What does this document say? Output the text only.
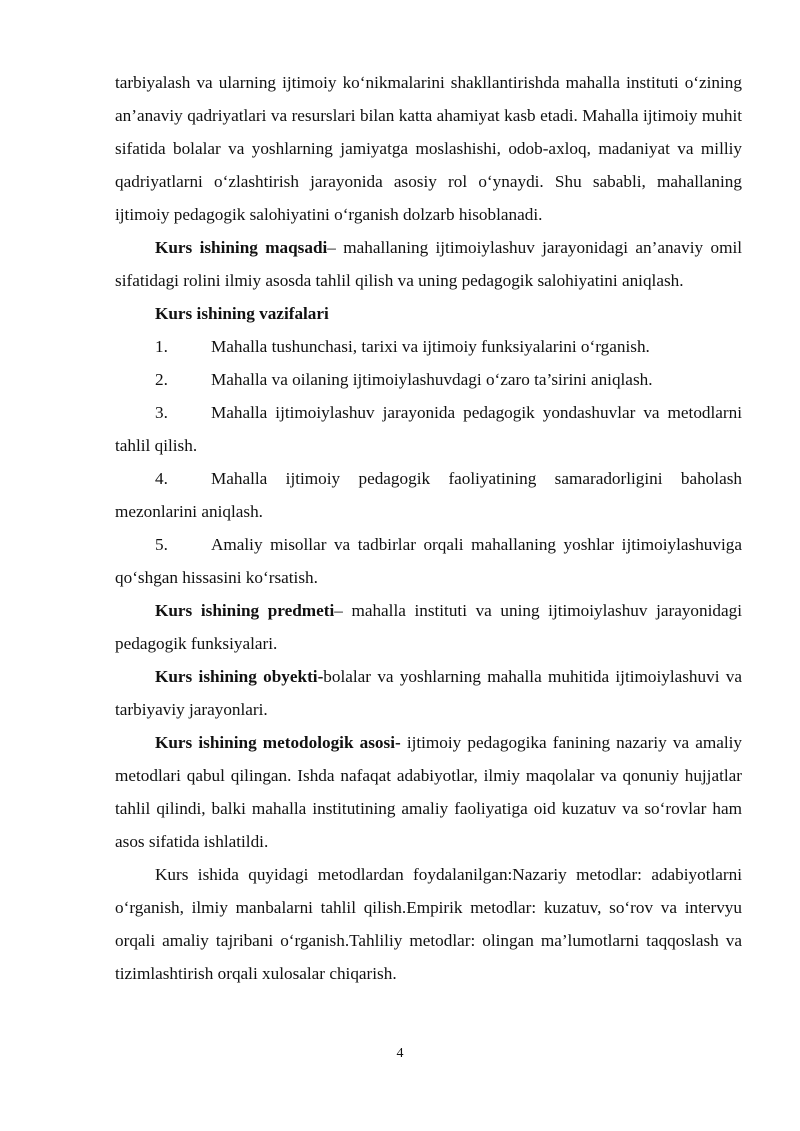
tarbiyalash va ularning ijtimoiy ko‘nikmalarini shakllantirishda mahalla instituti o‘zining an’anaviy qadriyatlari va resurslari bilan katta ahamiyat kasb etadi. Mahalla ijtimoiy muhit sifatida bolalar va yoshlarning jamiyatga moslashishi, odob-axloq, madaniyat va milliy qadriyatlarni o‘zlashtirish jarayonida asosiy rol o‘ynaydi. Shu sababli, mahallaning ijtimoiy pedagogik salohiyatini o‘rganish dolzarb hisoblanadi.

Kurs ishining maqsadi– mahallaning ijtimoiylashuv jarayonidagi an’anaviy omil sifatidagi rolini ilmiy asosda tahlil qilish va uning pedagogik salohiyatini aniqlash.

Kurs ishining vazifalari

1.	Mahalla tushunchasi, tarixi va ijtimoiy funksiyalarini o‘rganish.

2.	Mahalla va oilaning ijtimoiylashuvdagi o‘zaro ta’sirini aniqlash.

3.	Mahalla ijtimoiylashuv jarayonida pedagogik yondashuvlar va metodlarni tahlil qilish.

4.	Mahalla ijtimoiy pedagogik faoliyatining samaradorligini baholash mezonlarini aniqlash.

5.	Amaliy misollar va tadbirlar orqali mahallaning yoshlar ijtimoiylashuviga qo‘shgan hissasini ko‘rsatish.

Kurs ishining predmeti– mahalla instituti va uning ijtimoiylashuv jarayonidagi pedagogik funksiyalari.

Kurs ishining obyekti-bolalar va yoshlarning mahalla muhitida ijtimoiylashuvi va tarbiyaviy jarayonlari.

Kurs ishining metodologik asosi- ijtimoiy pedagogika fanining nazariy va amaliy metodlari qabul qilingan. Ishda nafaqat adabiyotlar, ilmiy maqolalar va qonuniy hujjatlar tahlil qilindi, balki mahalla institutining amaliy faoliyatiga oid kuzatuv va so‘rovlar ham asos sifatida ishlatildi.

Kurs ishida quyidagi metodlardan foydalanilgan:Nazariy metodlar: adabiyotlarni o‘rganish, ilmiy manbalarni tahlil qilish.Empirik metodlar: kuzatuv, so‘rov va intervyu orqali amaliy tajribani o‘rganish.Tahliliy metodlar: olingan ma’lumotlarni taqqoslash va tizimlashtirish orqali xulosalar chiqarish.

4
